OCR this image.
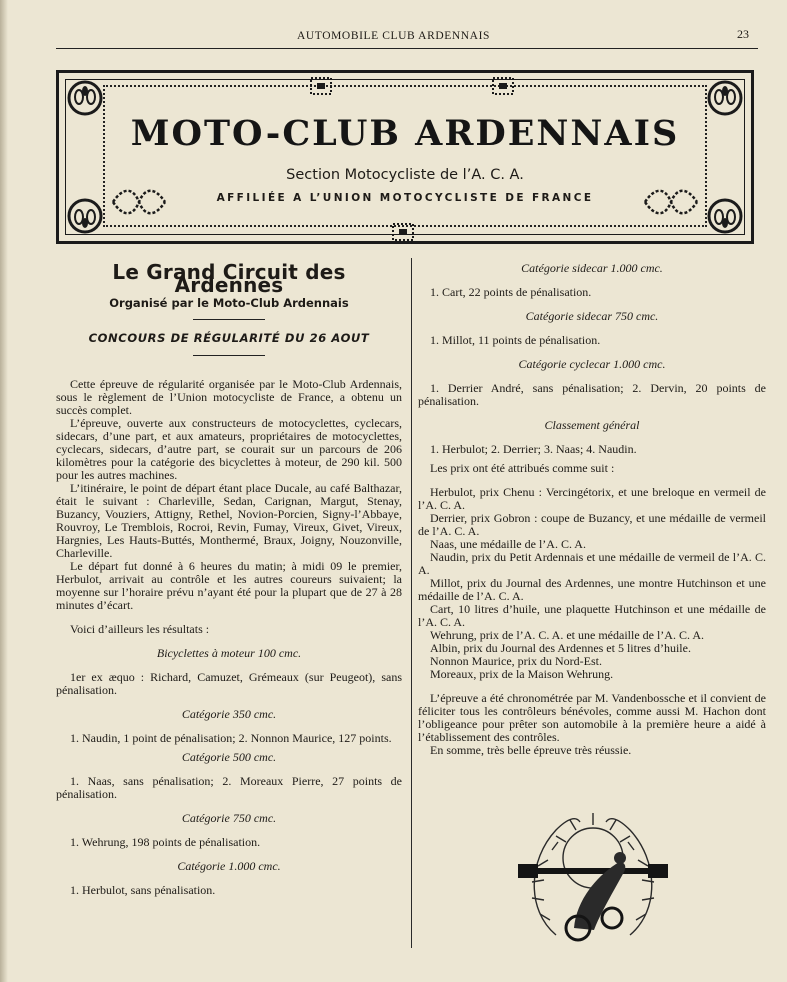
AUTOMOBILE CLUB ARDENNAIS	23
MOTO-CLUB ARDENNAIS
Section Motocycliste de l’A. C. A.
AFFILIÉE A L’UNION MOTOCYCLISTE DE FRANCE
Le Grand Circuit des Ardennes
Organisé par le Moto-Club Ardennais
CONCOURS DE RÉGULARITÉ DU 26 AOUT

Cette épreuve de régularité organisée par le Moto-Club Ardennais, sous le règlement de l’Union motocycliste de France, a obtenu un succès complet.

L’épreuve, ouverte aux constructeurs de motocyclettes, cyclecars, sidecars, d’une part, et aux amateurs, propriétaires de motocyclettes, cyclecars, sidecars, d’autre part, se courait sur un parcours de 206 kilomètres pour la catégorie des bicyclettes à moteur, de 290 kil. 500 pour les autres machines.

L’itinéraire, le point de départ étant place Ducale, au café Balthazar, était le suivant : Charleville, Sedan, Carignan, Margut, Stenay, Buzancy, Vouziers, Attigny, Rethel, Novion-Porcien, Signy-l’Abbaye, Rouvroy, Le Tremblois, Rocroi, Revin, Fumay, Vireux, Givet, Vireux, Hargnies, Les Hauts-Buttés, Monthermé, Braux, Joigny, Nouzonville, Charleville.

Le départ fut donné à 6 heures du matin; à midi 09 le premier, Herbulot, arrivait au contrôle et les autres coureurs suivaient; la moyenne sur l’horaire prévu n’ayant été pour la plupart que de 27 à 28 minutes d’écart.

Voici d’ailleurs les résultats :

Bicyclettes à moteur 100 cmc.

1er ex æquo : Richard, Camuzet, Grémeaux (sur Peugeot), sans pénalisation.

Catégorie 350 cmc.

1. Naudin, 1 point de pénalisation; 2. Nonnon Maurice, 127 points.

Catégorie 500 cmc.

1. Naas, sans pénalisation; 2. Moreaux Pierre, 27 points de pénalisation.

Catégorie 750 cmc.

1. Wehrung, 198 points de pénalisation.

Catégorie 1.000 cmc.

1. Herbulot, sans pénalisation.

Catégorie sidecar 1.000 cmc.

1. Cart, 22 points de pénalisation.

Catégorie sidecar 750 cmc.

1. Millot, 11 points de pénalisation.

Catégorie cyclecar 1.000 cmc.

1. Derrier André, sans pénalisation; 2. Dervin, 20 points de pénalisation.

Classement général

1. Herbulot; 2. Derrier; 3. Naas; 4. Naudin.

Les prix ont été attribués comme suit :

Herbulot, prix Chenu : Vercingétorix, et une breloque en vermeil de l’A. C. A.

Derrier, prix Gobron : coupe de Buzancy, et une médaille de vermeil de l’A. C. A.

Naas, une médaille de l’A. C. A.

Naudin, prix du Petit Ardennais et une médaille de vermeil de l’A. C. A.

Millot, prix du Journal des Ardennes, une montre Hutchinson et une médaille de l’A. C. A.

Cart, 10 litres d’huile, une plaquette Hutchinson et une médaille de l’A. C. A.

Wehrung, prix de l’A. C. A. et une médaille de l’A. C. A.

Albin, prix du Journal des Ardennes et 5 litres d’huile.

Nonnon Maurice, prix du Nord-Est.

Moreaux, prix de la Maison Wehrung.

L’épreuve a été chronométrée par M. Vandenbossche et il convient de féliciter tous les contrôleurs bénévoles, comme aussi M. Hachon dont l’obligeance pour prêter son automobile à la première heure a aidé à l’établissement des contrôles.

En somme, très belle épreuve très réussie.
